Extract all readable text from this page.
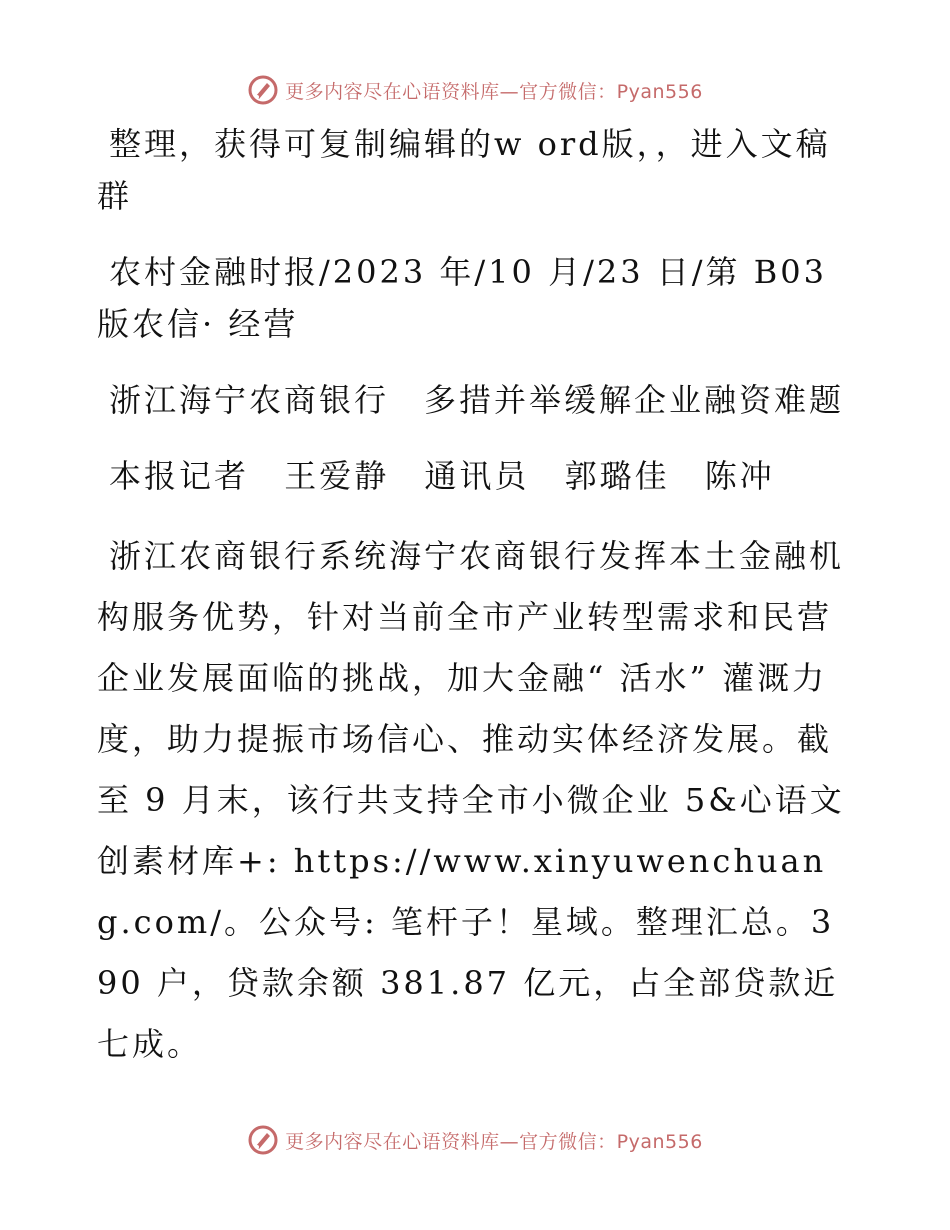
更多内容尽在心语资料库—官方微信：Pyan556

整理，获得可复制编辑的w ord版，，进入文稿群

农村金融时报/2023 年/10 月/23 日/第 B03 版农信· 经营

浙江海宁农商银行　多措并举缓解企业融资难题

本报记者 王爱静 通讯员 郭璐佳 陈冲

浙江农商银行系统海宁农商银行发挥本土金融机构服务优势，针对当前全市产业转型需求和民营企业发展面临的挑战，加大金融“ 活水” 灌溉力度，助力提振市场信心、推动实体经济发展。截至 9 月末，该行共支持全市小微企业 5&心语文创素材库+: https://www.xinyuwenchuang.com/。公众号: 笔杆子！星域。整理汇总。390 户，贷款余额 381.87 亿元，占全部贷款近七成。

更多内容尽在心语资料库—官方微信：Pyan556
